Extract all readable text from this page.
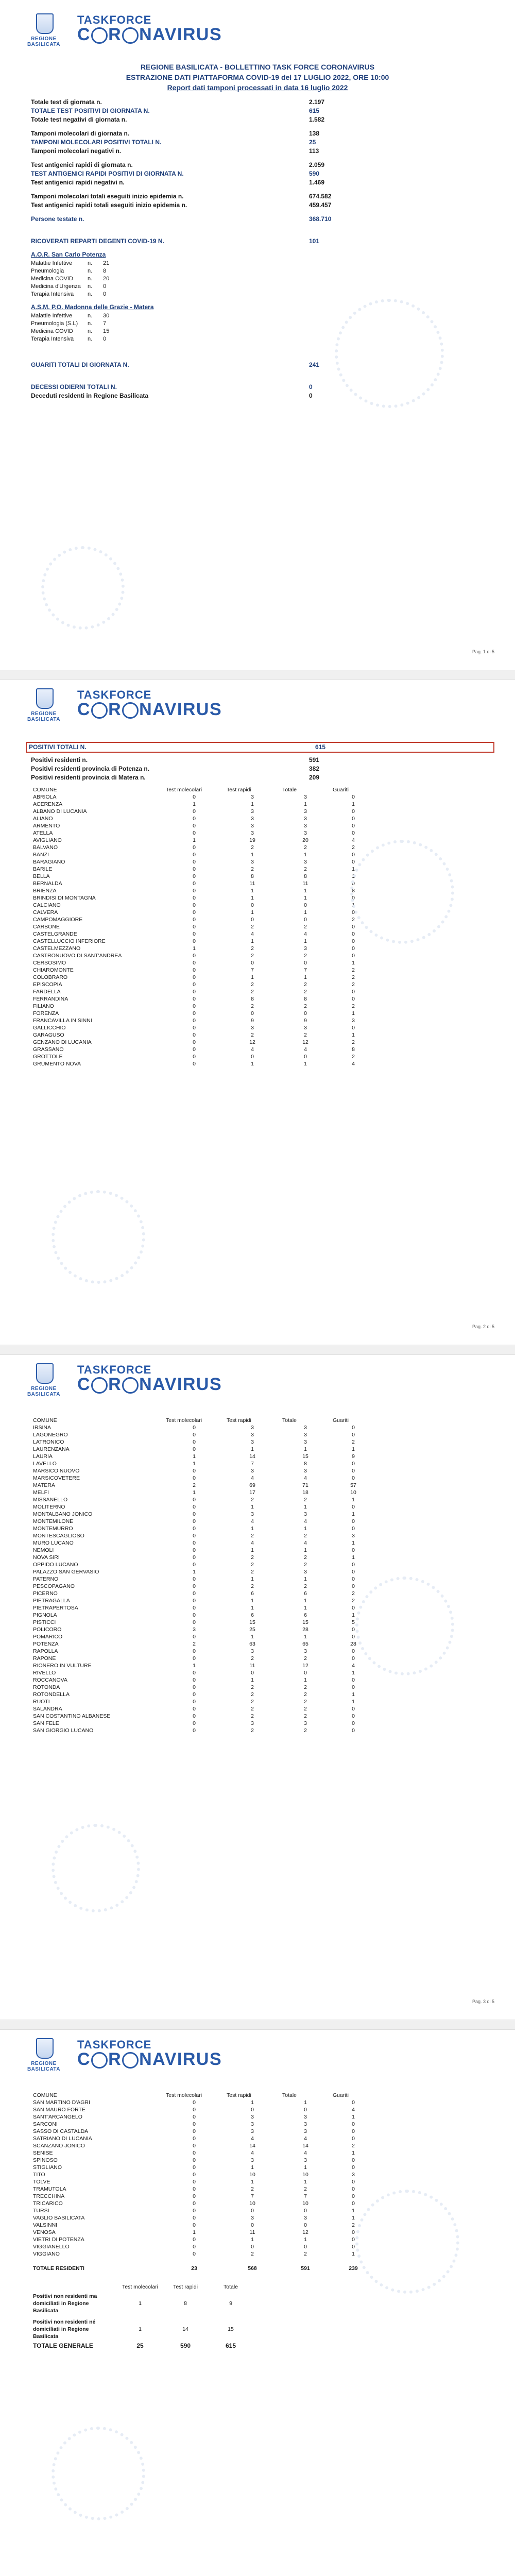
REGIONE BASILICATA
TASKFORCE
C R NAVIRUS
REGIONE BASILICATA - BOLLETTINO TASK FORCE CORONAVIRUS
ESTRAZIONE DATI PIATTAFORMA COVID-19 del 17 LUGLIO 2022, ORE 10:00
Report dati tamponi processati in data 16 luglio 2022
Totale test di giornata n.	2.197
TOTALE TEST POSITIVI DI GIORNATA N.	615
Totale test negativi di giornata n.	1.582
Tamponi molecolari di giornata n.	138
TAMPONI MOLECOLARI POSITIVI TOTALI N.	25
Tamponi molecolari negativi n.	113
Test antigenici rapidi di giornata n.	2.059
TEST ANTIGENICI RAPIDI POSITIVI DI GIORNATA N.	590
Test antigenici rapidi negativi n.	1.469
Tamponi molecolari totali eseguiti inizio epidemia n.	674.582
Test antigenici rapidi totali eseguiti inizio epidemia n.	459.457
Persone testate n.	368.710
RICOVERATI REPARTI DEGENTI COVID-19 N.	101
A.O.R. San Carlo Potenza
Malattie Infettive	n. 21
Pneumologia	n. 8
Medicina COVID	n. 20
Medicina d'Urgenza n. 0
Terapia Intensiva n. 0
A.S.M. P.O. Madonna delle Grazie - Matera
Malattie Infettive	n. 30
Pneumologia (S.L) n. 7
Medicina COVID	n. 15
Terapia Intensiva n. 0
GUARITI TOTALI DI GIORNATA N.	241
DECESSI ODIERNI TOTALI N.	0
Deceduti residenti in Regione Basilicata	0
Pag. 1 di 5
REGIONE BASILICATA
TASKFORCE
C R NAVIRUS
POSITIVI TOTALI N.	615
Positivi residenti n.	591
Positivi residenti provincia di Potenza n.	382
Positivi residenti provincia di Matera n.	209
COMUNE	Test molecolari	Test rapidi	Totale	Guariti
ABRIOLA	0	3	3	0
ACERENZA	1	1	1	1
ALBANO DI LUCANIA	0	3	3	0
ALIANO	0	3	3	0
ARMENTO	0	3	3	0
ATELLA	0	3	3	0
AVIGLIANO	1	19	20	4
BALVANO	0	2	2	2
BANZI	0	1	1	0
BARAGIANO	0	3	3	0
BARILE	0	2	2	1
BELLA	0	8	8	1
BERNALDA	0	11	11	0
BRIENZA	0	1	1	8
BRINDISI DI MONTAGNA	0	1	1	0
CALCIANO	0	0	0	1
CALVERA	0	1	1	0
CAMPOMAGGIORE	0	0	0	2
CARBONE	0	2	2	0
CASTELGRANDE	0	4	4	0
CASTELLUCCIO INFERIORE	0	1	1	0
CASTELMEZZANO	1	2	3	0
CASTRONUOVO DI SANT'ANDREA	0	2	2	0
CERSOSIMO	0	0	0	1
CHIAROMONTE	0	7	7	2
COLOBRARO	0	1	1	2
EPISCOPIA	0	2	2	2
FARDELLA	0	2	2	0
FERRANDINA	0	8	8	0
FILIANO	0	2	2	2
FORENZA	0	0	0	1
FRANCAVILLA IN SINNI	0	9	9	3
GALLICCHIO	0	3	3	0
GARAGUSO	0	2	2	1
GENZANO DI LUCANIA	0	12	12	2
GRASSANO	0	4	4	8
GROTTOLE	0	0	0	2
GRUMENTO NOVA	0	1	1	4
Pag. 2 di 5
REGIONE BASILICATA
TASKFORCE
C R NAVIRUS
COMUNE	Test molecolari	Test rapidi	Totale	Guariti
IRSINA	0	3	3	0
LAGONEGRO	0	3	3	0
LATRONICO	0	3	3	2
LAURENZANA	0	1	1	1
LAURIA	1	14	15	9
LAVELLO	1	7	8	0
MARSICO NUOVO	0	3	3	0
MARSICOVETERE	0	4	4	0
MATERA	2	69	71	57
MELFI	1	17	18	10
MISSANELLO	0	2	2	1
MOLITERNO	0	1	1	0
MONTALBANO JONICO	0	3	3	1
MONTEMILONE	0	4	4	0
MONTEMURRO	0	1	1	0
MONTESCAGLIOSO	0	2	2	3
MURO LUCANO	0	4	4	1
NEMOLI	0	1	1	0
NOVA SIRI	0	2	2	1
OPPIDO LUCANO	0	2	2	0
PALAZZO SAN GERVASIO	1	2	3	0
PATERNO	0	1	1	0
PESCOPAGANO	0	2	2	0
PICERNO	0	6	6	2
PIETRAGALLA	0	1	1	2
PIETRAPERTOSA	0	1	1	0
PIGNOLA	0	6	6	1
PISTICCI	0	15	15	5
POLICORO	3	25	28	0
POMARICO	0	1	1	0
POTENZA	2	63	65	28
RAPOLLA	0	3	3	0
RAPONE	0	2	2	0
RIONERO IN VULTURE	1	11	12	4
RIVELLO	0	0	0	1
ROCCANOVA	0	1	1	0
ROTONDA	0	2	2	0
ROTONDELLA	0	2	2	1
RUOTI	0	2	2	1
SALANDRA	0	2	2	0
SAN COSTANTINO ALBANESE	0	2	2	0
SAN FELE	0	3	3	0
SAN GIORGIO LUCANO	0	2	2	0
Pag. 3 di 5
REGIONE BASILICATA
TASKFORCE
C R NAVIRUS
COMUNE	Test molecolari	Test rapidi	Totale	Guariti
SAN MARTINO D'AGRI	0	1	1	0
SAN MAURO FORTE	0	0	0	4
SANT'ARCANGELO	0	3	3	1
SARCONI	0	3	3	0
SASSO DI CASTALDA	0	3	3	0
SATRIANO DI LUCANIA	0	4	4	0
SCANZANO JONICO	0	14	14	2
SENISE	0	4	4	1
SPINOSO	0	3	3	0
STIGLIANO	0	1	1	0
TITO	0	10	10	3
TOLVE	0	1	1	0
TRAMUTOLA	0	2	2	0
TRECCHINA	0	7	7	0
TRICARICO	0	10	10	0
TURSI	0	0	0	1
VAGLIO BASILICATA	0	3	3	1
VALSINNI	0	0	0	2
VENOSA	1	11	12	0
VIETRI DI POTENZA	0	1	1	0
VIGGIANELLO	0	0	0	0
VIGGIANO	0	2	2	1
TOTALE RESIDENTI	23	568	591	239
	Test molecolari	Test rapidi	Totale
Positivi non residenti ma domiciliati in Regione Basilicata	1	8	9
Positivi non residenti né domiciliati in Regione Basilicata	1	14	15
TOTALE GENERALE	25	590	615
